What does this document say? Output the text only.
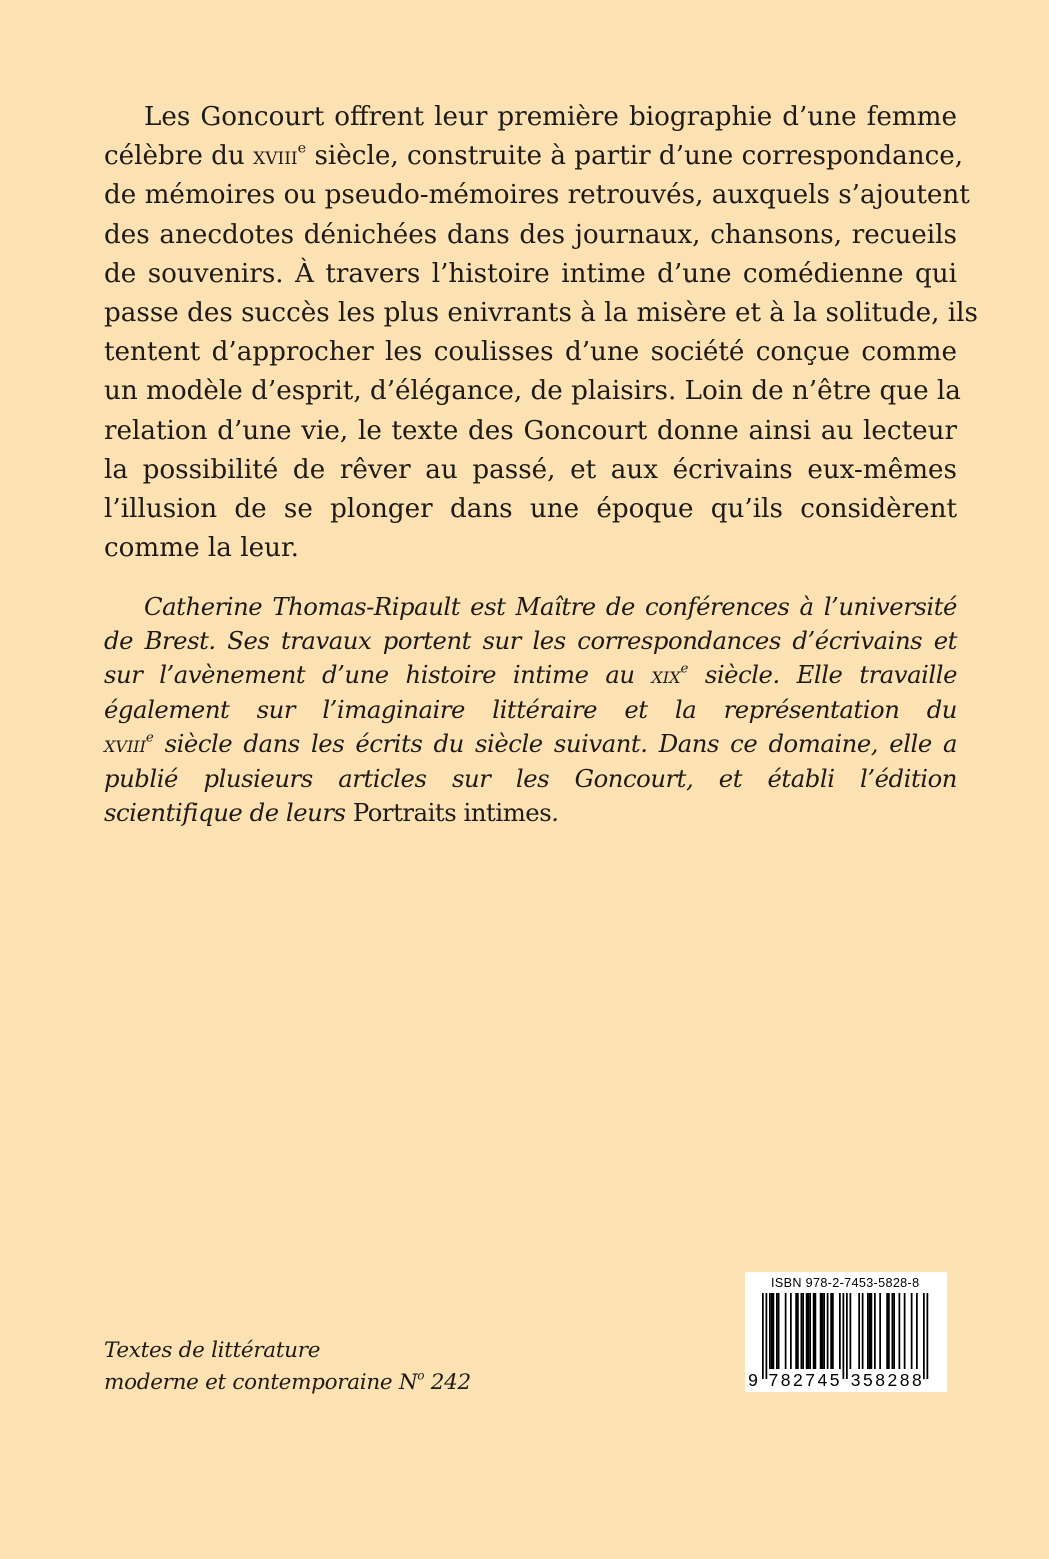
Les Goncourt offrent leur première biographie d’une femme
célèbre du xviii$^e$ siècle, construite à partir d’une correspondance,
de mémoires ou pseudo-mémoires retrouvés, auxquels s’ajoutent
des anecdotes dénichées dans des journaux, chansons, recueils
de souvenirs. À travers l’histoire intime d’une comédienne qui
passe des succès les plus enivrants à la misère et à la solitude, ils
tentent d’approcher les coulisses d’une société conçue comme
un modèle d’esprit, d’élégance, de plaisirs. Loin de n’être que la
relation d’une vie, le texte des Goncourt donne ainsi au lecteur
la possibilité de rêver au passé, et aux écrivains eux-mêmes
l’illusion de se plonger dans une époque qu’ils considèrent
comme la leur.
Catherine Thomas-Ripault est Maître de conférences à l’université
de Brest. Ses travaux portent sur les correspondances d’écrivains et
sur l’avènement d’une histoire intime au xix$^e$ siècle. Elle travaille
également sur l’imaginaire littéraire et la représentation du
xviii$^e$ siècle dans les écrits du siècle suivant. Dans ce domaine, elle a
publié plusieurs articles sur les Goncourt, et établi l’édition
scientifique de leurs Portraits intimes.
Textes de littérature
moderne et contemporaine $N^o$ 242
ISBN 978-2-7453-5828-8
9 7 8 2 7 4 5 3 5 8 2 8 8
